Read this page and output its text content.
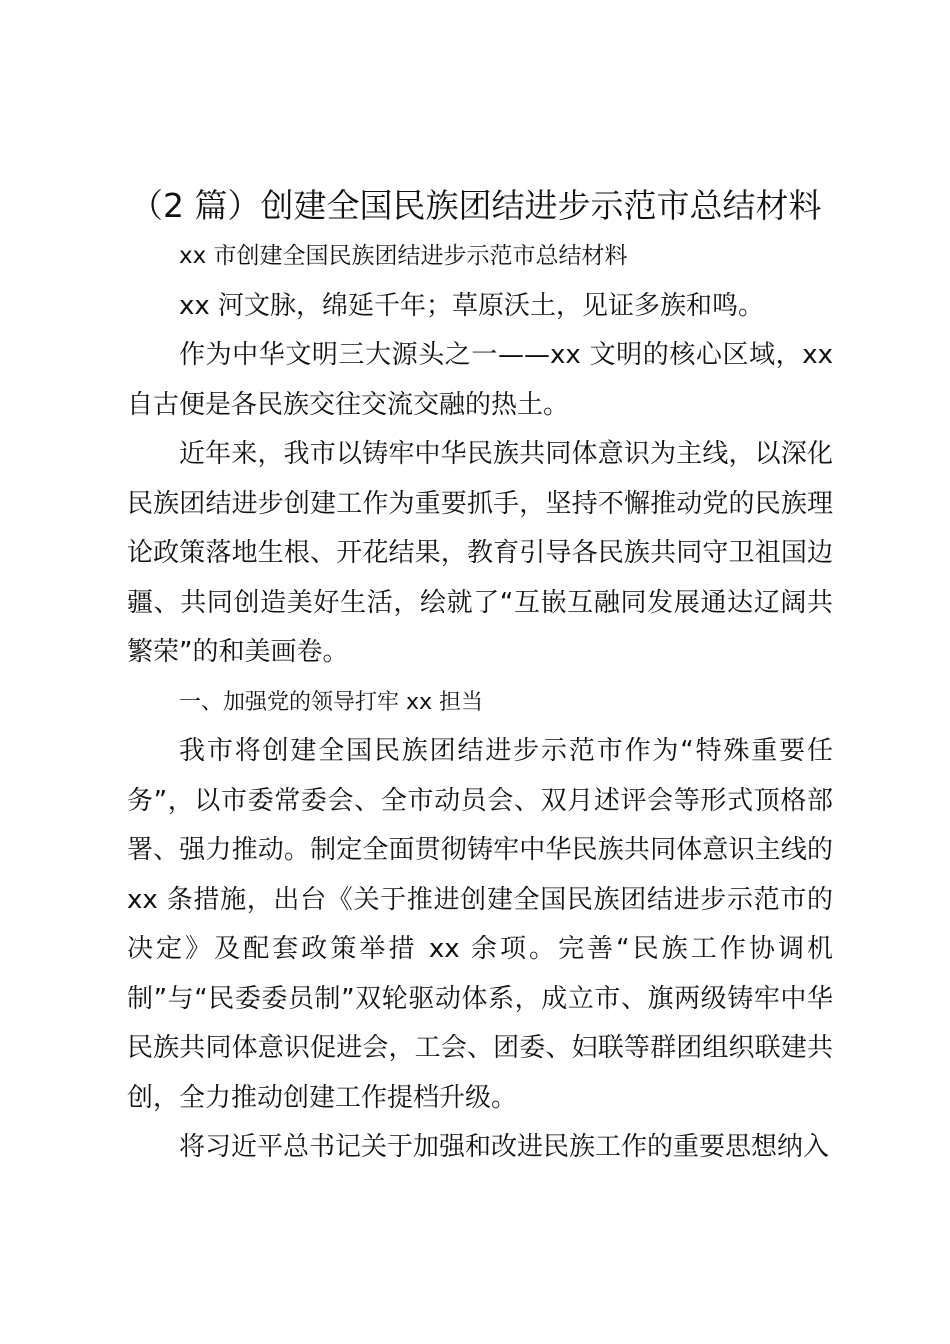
（2 篇）创建全国民族团结进步示范市总结材料

xx 市创建全国民族团结进步示范市总结材料

xx 河文脉，绵延千年；草原沃土，见证多族和鸣。

作为中华文明三大源头之一——xx 文明的核心区域，xx 自古便是各民族交往交流交融的热土。

近年来，我市以铸牢中华民族共同体意识为主线，以深化民族团结进步创建工作为重要抓手，坚持不懈推动党的民族理论政策落地生根、开花结果，教育引导各民族共同守卫祖国边疆、共同创造美好生活，绘就了“互嵌互融同发展通达辽阔共繁荣”的和美画卷。

一、加强党的领导打牢 xx 担当

我市将创建全国民族团结进步示范市作为“特殊重要任务”，以市委常委会、全市动员会、双月述评会等形式顶格部署、强力推动。制定全面贯彻铸牢中华民族共同体意识主线的 xx 条措施，出台《关于推进创建全国民族团结进步示范市的决定》及配套政策举措 xx 余项。完善“民族工作协调机制”与“民委委员制”双轮驱动体系，成立市、旗两级铸牢中华民族共同体意识促进会，工会、团委、妇联等群团组织联建共创，全力推动创建工作提档升级。

将习近平总书记关于加强和改进民族工作的重要思想纳入
